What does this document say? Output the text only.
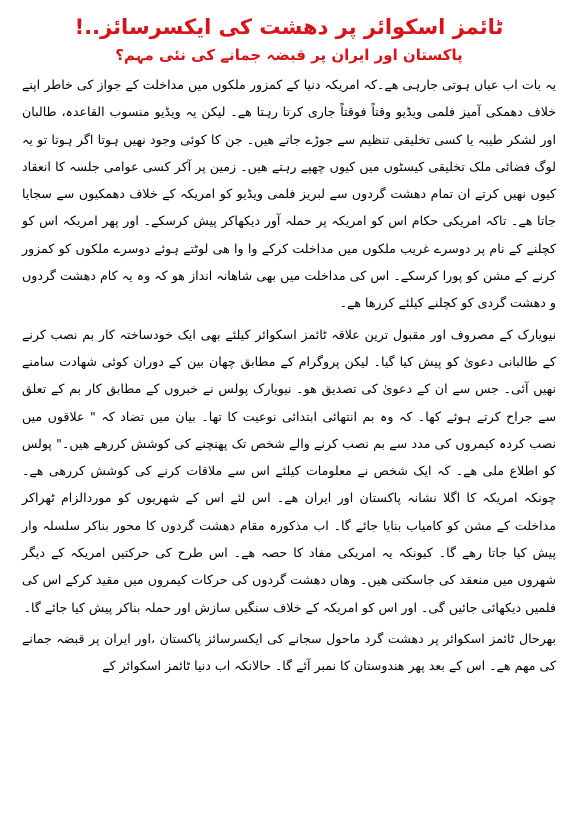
ٹائمز اسکوائر پر دھشت کی ایکسرسائز..!
پاکستان اور ایران پر قبضہ جمانے کی نئی مہم؟

یہ بات اب عیاں ہوتی جارہی ھے۔کہ امریکہ دنیا کے کمزور ملکوں میں مداخلت کے جواز کی خاطر اپنے خلاف دھمکی آمیز فلمی ویڈیو وقتاً فوقتاً جاری کرتا رہتا ھے۔ لیکن یہ ویڈیو منسوب القاعدہ، طالبان اور لشکر طیبہ یا کسی تخلیقی تنظیم سے جوڑے جاتے ھیں۔ جن کا کوئی وجود نھیں ہوتا اگر ہوتا تو یہ لوگ فضائی ملک تخلیقی کیسٹوں میں کیوں چھپے رہتے ھیں۔ زمین پر آکر کسی عوامی جلسہ کا انعقاد کیوں نھیں کرتے ان تمام دھشت گردوں سے لبریز فلمی ویڈیو کو امریکہ کے خلاف دھمکیوں سے سجایا جاتا ھے۔ تاکہ امریکی حکام اس کو امریکہ پر حملہ آور دیکھاکر پیش کرسکے۔ اور پھر امریکہ اس کو کچلنے کے نام پر دوسرے غریب ملکوں میں مداخلت کرکے وا وا ھی لوٹتے ہوئے دوسرے ملکوں کو کمزور کرنے کے مشن کو پورا کرسکے۔ اس کی مداخلت میں بھی شاھانہ انداز ھو کہ وہ یہ کام دھشت گردوں و دھشت گردی کو کچلنے کیلئے کررھا ھے۔

نیویارک کے مصروف اور مقبول ترین علاقہ ٹائمز اسکوائر کیلئے بھی ایک خودساختہ کار بم نصب کرنے کے طالبانی دعویٰ کو پیش کیا گیا۔ لیکن پروگرام کے مطابق چھان بین کے دوران کوئی شھادت سامنے نھیں آئی۔ جس سے ان کے دعویٰ کی تصدیق ھو۔ نیویارک پولس نے خبروں کے مطابق کار بم کے تعلق سے جراح کرتے ہوئے کھا۔ کہ وہ بم انتھائی ابتدائی نوعیت کا تھا۔ بیان میں تضاد کہ " علاقوں میں نصب کردہ کیمروں کی مدد سے بم نصب کرنے والے شخص تک پھنچنے کی کوشش کررھے ھیں۔" پولس کو اطلاع ملی ھے۔ کہ ایک شخص نے معلومات کیلئے اس سے ملاقات کرنے کی کوشش کررھی ھے۔ چونکہ امریکہ کا اگلا نشانہ پاکستان اور ایران ھے۔ اس لئے اس کے شھریوں کو موردالزام ٹھراکر مداخلت کے مشن کو کامیاب بنایا جائے گا۔ اب مذکورہ مقام دھشت گردوں کا محور بناکر سلسلہ وار پیش کیا جاتا رھے گا۔ کیونکہ یہ امریکی مفاد کا حصہ ھے۔ اس طرح کی حرکتیں امریکہ کے دیگر شھروں میں منعقد کی جاسکتی ھیں۔ وھاں دھشت گردوں کی حرکات کیمروں میں مقید کرکے اس کی فلمیں دیکھائی جائیں گی۔ اور اس کو امریکہ کے خلاف سنگیں سازش اور حملہ بناکر پیش کیا جائے گا۔

بھرحال ٹائمز اسکوائر پر دھشت گرد ماحول سجانے کی ایکسرسائز پاکستان ،اور ایران پر قبضہ جمانے کی مھم ھے۔ اس کے بعد پھر ھندوستان کا نمبر آئے گا۔ حالانکہ اب دنیا ٹائمز اسکوائر کے
